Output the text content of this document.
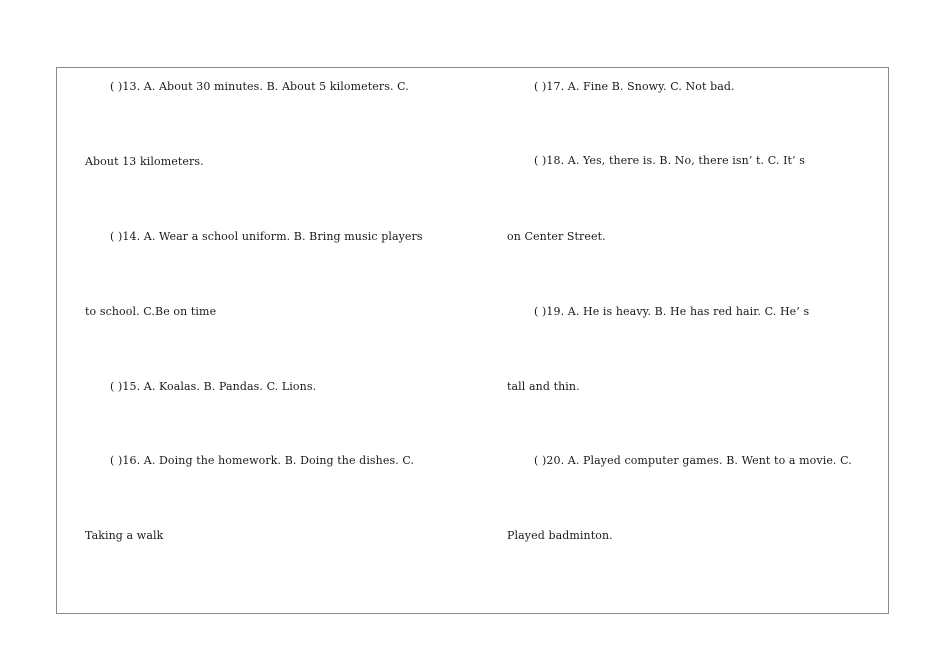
( )13. A. About 30 minutes. B. About 5 kilometers. C.
About 13 kilometers.
( )14. A. Wear a school uniform. B. Bring music players
to school. C.Be on time
( )15. A. Koalas. B. Pandas. C. Lions.
( )16. A. Doing the homework. B. Doing the dishes. C.
Taking a walk
( )17. A. Fine B. Snowy. C. Not bad.
( )18. A. Yes, there is. B. No, there isn’ t. C. It’ s
on Center Street.
( )19. A. He is heavy. B. He has red hair. C. He’ s
tall and thin.
( )20. A. Played computer games. B. Went to a movie. C.
Played badminton.
